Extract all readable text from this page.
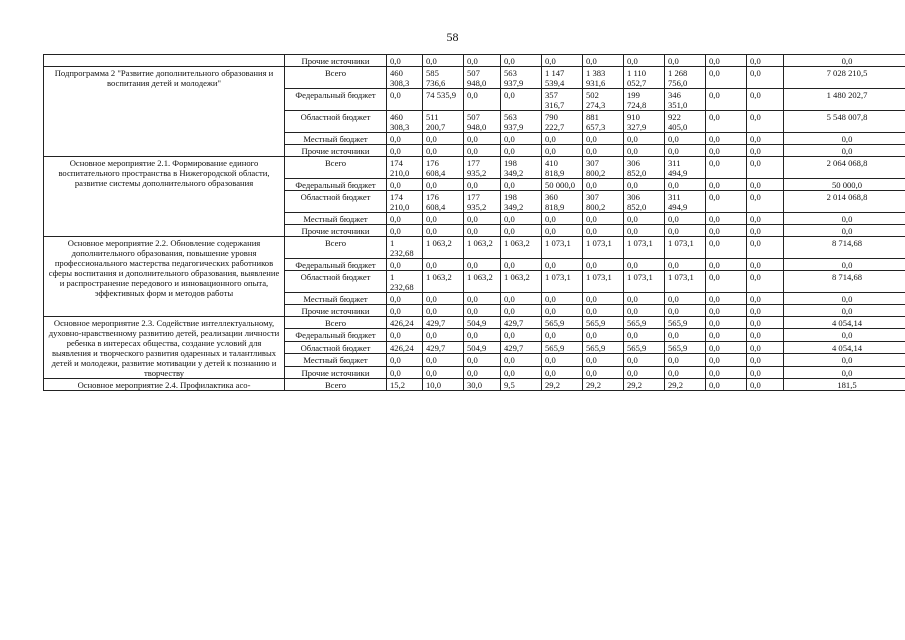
58
	Прочие источники	0,0	0,0	0,0	0,0	0,0	0,0	0,0	0,0	0,0	0,0	0,0
Подпрограмма 2 "Развитие дополнительного образования и воспитания детей и молодежи"	Всего	460 308,3	585 736,6	507 948,0	563 937,9	1 147 539,4	1 383 931,6	1 110 052,7	1 268 756,0	0,0	0,0	7 028 210,5
	Федеральный бюджет	0,0	74 535,9	0,0	0,0	357 316,7	502 274,3	199 724,8	346 351,0	0,0	0,0	1 480 202,7
	Областной бюджет	460 308,3	511 200,7	507 948,0	563 937,9	790 222,7	881 657,3	910 327,9	922 405,0	0,0	0,0	5 548 007,8
	Местный бюджет	0,0	0,0	0,0	0,0	0,0	0,0	0,0	0,0	0,0	0,0	0,0
	Прочие источники	0,0	0,0	0,0	0,0	0,0	0,0	0,0	0,0	0,0	0,0	0,0
Основное мероприятие 2.1. Формирование единого воспитательного пространства в Нижегородской области, развитие системы дополнительного образования	Всего	174 210,0	176 608,4	177 935,2	198 349,2	410 818,9	307 800,2	306 852,0	311 494,9	0,0	0,0	2 064 068,8
	Федеральный бюджет	0,0	0,0	0,0	0,0	50 000,0	0,0	0,0	0,0	0,0	0,0	50 000,0
	Областной бюджет	174 210,0	176 608,4	177 935,2	198 349,2	360 818,9	307 800,2	306 852,0	311 494,9	0,0	0,0	2 014 068,8
	Местный бюджет	0,0	0,0	0,0	0,0	0,0	0,0	0,0	0,0	0,0	0,0	0,0
	Прочие источники	0,0	0,0	0,0	0,0	0,0	0,0	0,0	0,0	0,0	0,0	0,0
Основное мероприятие 2.2. Обновление содержания дополнительного образования, повышение уровня профессионального мастерства педагогических работников сферы воспитания и дополнительного образования, выявление и распространение передового и инновационного опыта, эффективных форм и методов работы	Всего	1 232,68	1 063,2	1 063,2	1 063,2	1 073,1	1 073,1	1 073,1	1 073,1	0,0	0,0	8 714,68
	Федеральный бюджет	0,0	0,0	0,0	0,0	0,0	0,0	0,0	0,0	0,0	0,0	0,0
	Областной бюджет	1 232,68	1 063,2	1 063,2	1 063,2	1 073,1	1 073,1	1 073,1	1 073,1	0,0	0,0	8 714,68
	Местный бюджет	0,0	0,0	0,0	0,0	0,0	0,0	0,0	0,0	0,0	0,0	0,0
	Прочие источники	0,0	0,0	0,0	0,0	0,0	0,0	0,0	0,0	0,0	0,0	0,0
Основное мероприятие 2.3. Содействие интеллектуальному, духовно-нравственному развитию детей, реализации личности ребенка в интересах общества, создание условий для выявления и творческого развития одаренных и талантливых детей и молодежи, развитие мотивации у детей к познанию и творчеству	Всего	426,24	429,7	504,9	429,7	565,9	565,9	565,9	565,9	0,0	0,0	4 054,14
	Федеральный бюджет	0,0	0,0	0,0	0,0	0,0	0,0	0,0	0,0	0,0	0,0	0,0
	Областной бюджет	426,24	429,7	504,9	429,7	565,9	565,9	565,9	565,9	0,0	0,0	4 054,14
	Местный бюджет	0,0	0,0	0,0	0,0	0,0	0,0	0,0	0,0	0,0	0,0	0,0
	Прочие источники	0,0	0,0	0,0	0,0	0,0	0,0	0,0	0,0	0,0	0,0	0,0
Основное мероприятие 2.4. Профилактика асо-	Всего	15,2	10,0	30,0	9,5	29,2	29,2	29,2	29,2	0,0	0,0	181,5
